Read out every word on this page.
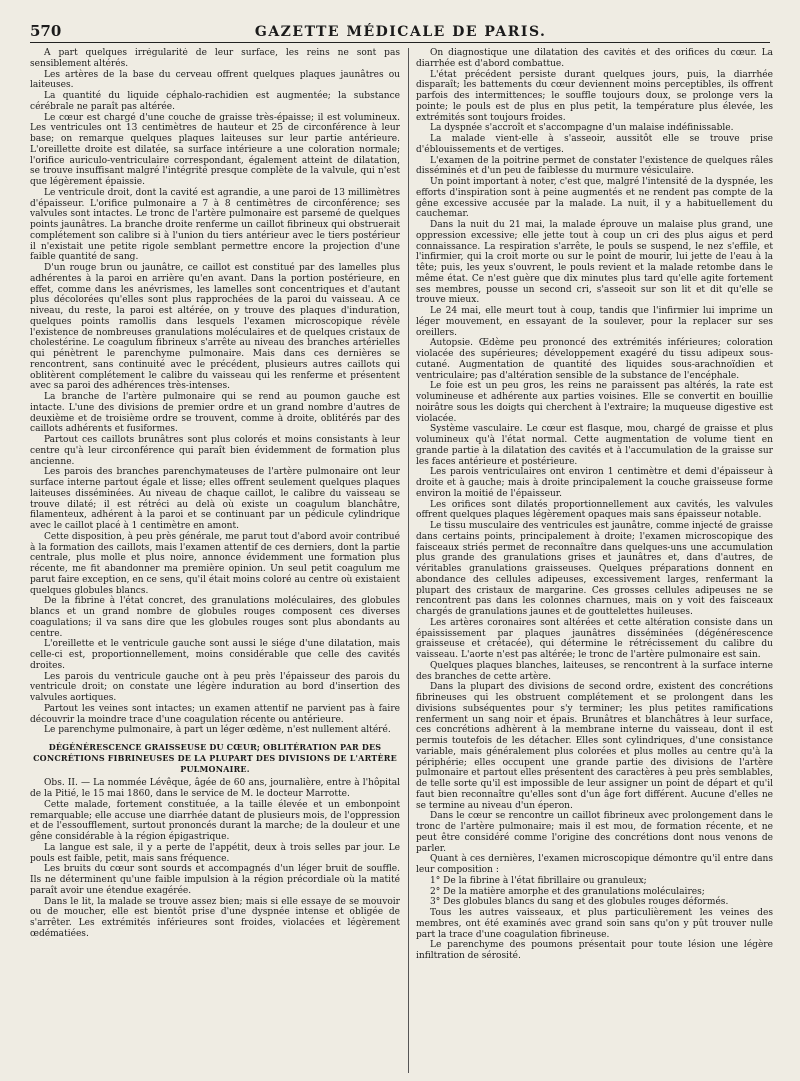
570	GAZETTE MÉDICALE DE PARIS.

A part quelques irrégularité de leur surface, les reins ne sont pas sensiblement altérés.

Les artères de la base du cerveau offrent quelques plaques jaunâtres ou laiteuses.

La quantité du liquide céphalo-rachidien est augmentée; la substance cérébrale ne paraît pas altérée.

Le cœur est chargé d'une couche de graisse très-épaisse; il est volumineux. Les ventricules ont 13 centimètres de hauteur et 25 de circonférence à leur base; on remarque quelques plaques laiteuses sur leur partie antérieure. L'oreillette droite est dilatée, sa surface intérieure a une coloration normale; l'orifice auriculo-ventriculaire correspondant, également atteint de dilatation, se trouve insuffisant malgré l'intégrité presque complète de la valvule, qui n'est que légèrement épaissie.

Le ventricule droit, dont la cavité est agrandie, a une paroi de 13 millimètres d'épaisseur. L'orifice pulmonaire a 7 à 8 centimètres de circonférence; ses valvules sont intactes. Le tronc de l'artère pulmonaire est parsemé de quelques points jaunâtres. La branche droite renferme un caillot fibrineux qui obstruerait complétement son calibre si à l'union du tiers antérieur avec le tiers postérieur il n'existait une petite rigole semblant permettre encore la projection d'une faible quantité de sang.

D'un rouge brun ou jaunâtre, ce caillot est constitué par des lamelles plus adhérentes à la paroi en arrière qu'en avant. Dans la portion postérieure, en effet, comme dans les anévrismes, les lamelles sont concentriques et d'autant plus décolorées qu'elles sont plus rapprochées de la paroi du vaisseau. A ce niveau, du reste, la paroi est altérée, on y trouve des plaques d'induration, quelques points ramollis dans lesquels l'examen microscopique révèle l'existence de nombreuses granulations moléculaires et de quelques cristaux de cholestérine. Le coagulum fibrineux s'arrête au niveau des branches artérielles qui pénètrent le parenchyme pulmonaire. Mais dans ces dernières se rencontrent, sans continuité avec le précédent, plusieurs autres caillots qui oblitèrent complétement le calibre du vaisseau qui les renferme et présentent avec sa paroi des adhérences très-intenses.

La branche de l'artère pulmonaire qui se rend au poumon gauche est intacte. L'une des divisions de premier ordre et un grand nombre d'autres de deuxième et de troisième ordre se trouvent, comme à droite, oblitérés par des caillots adhérents et fusiformes.

Partout ces caillots brunâtres sont plus colorés et moins consistants à leur centre qu'à leur circonférence qui paraît bien évidemment de formation plus ancienne.

Les parois des branches parenchymateuses de l'artère pulmonaire ont leur surface interne partout égale et lisse; elles offrent seulement quelques plaques laiteuses disséminées. Au niveau de chaque caillot, le calibre du vaisseau se trouve dilaté; il est rétréci au delà où existe un coagulum blanchâtre, filamenteux, adhérent à la paroi et se continuant par un pédicule cylindrique avec le caillot placé à 1 centimètre en amont.

Cette disposition, à peu près générale, me parut tout d'abord avoir contribué à la formation des caillots, mais l'examen attentif de ces derniers, dont la partie centrale, plus molle et plus noire, annonce évidemment une formation plus récente, me fit abandonner ma première opinion. Un seul petit coagulum me parut faire exception, en ce sens, qu'il était moins coloré au centre où existaient quelques globules blancs.

De la fibrine à l'état concret, des granulations moléculaires, des globules blancs et un grand nombre de globules rouges composent ces diverses coagulations; il va sans dire que les globules rouges sont plus abondants au centre.

L'oreillette et le ventricule gauche sont aussi le siége d'une dilatation, mais celle-ci est, proportionnellement, moins considérable que celle des cavités droites.

Les parois du ventricule gauche ont à peu près l'épaisseur des parois du ventricule droit; on constate une légère induration au bord d'insertion des valvules aortiques.

Partout les veines sont intactes; un examen attentif ne parvient pas à faire découvrir la moindre trace d'une coagulation récente ou antérieure.

Le parenchyme pulmonaire, à part un léger œdème, n'est nullement altéré.

DÉGÉNÉRESCENCE GRAISSEUSE DU CŒUR; OBLITÉRATION PAR DES CONCRÉTIONS FIBRINEUSES DE LA PLUPART DES DIVISIONS DE L'ARTÈRE PULMONAIRE.

Obs. II. — La nommée Lévêque, âgée de 60 ans, journalière, entre à l'hôpital de la Pitié, le 15 mai 1860, dans le service de M. le docteur Marrotte.

Cette malade, fortement constituée, a la taille élevée et un embonpoint remarquable; elle accuse une diarrhée datant de plusieurs mois, de l'oppression et de l'essoufflement, surtout prononcés durant la marche; de la douleur et une gêne considérable à la région épigastrique.

La langue est sale, il y a perte de l'appétit, deux à trois selles par jour. Le pouls est faible, petit, mais sans fréquence.

Les bruits du cœur sont sourds et accompagnés d'un léger bruit de souffle. Ils ne déterminent qu'une faible impulsion à la région précordiale où la matité paraît avoir une étendue exagérée.

Dans le lit, la malade se trouve assez bien; mais si elle essaye de se mouvoir ou de moucher, elle est bientôt prise d'une dyspnée intense et obligée de s'arrêter. Les extrémités inférieures sont froides, violacées et légèrement œdématiées.

On diagnostique une dilatation des cavités et des orifices du cœur. La diarrhée est d'abord combattue.

L'état précédent persiste durant quelques jours, puis, la diarrhée disparaît; les battements du cœur deviennent moins perceptibles, ils offrent parfois des intermittences; le souffle toujours doux, se prolonge vers la pointe; le pouls est de plus en plus petit, la température plus élevée, les extrémités sont toujours froides.

La dyspnée s'accroît et s'accompagne d'un malaise indéfinissable.

La malade vient-elle à s'asseoir, aussitôt elle se trouve prise d'éblouissements et de vertiges.

L'examen de la poitrine permet de constater l'existence de quelques râles disséminés et d'un peu de faiblesse du murmure vésiculaire.

Un point important à noter, c'est que, malgré l'intensité de la dyspnée, les efforts d'inspiration sont à peine augmentés et ne rendent pas compte de la gêne excessive accusée par la malade. La nuit, il y a habituellement du cauchemar.

Dans la nuit du 21 mai, la malade éprouve un malaise plus grand, une oppression excessive; elle jette tout à coup un cri des plus aigus et perd connaissance. La respiration s'arrête, le pouls se suspend, le nez s'effile, et l'infirmier, qui la croit morte ou sur le point de mourir, lui jette de l'eau à la tête; puis, les yeux s'ouvrent, le pouls revient et la malade retombe dans le même état. Ce n'est guère que dix minutes plus tard qu'elle agite fortement ses membres, pousse un second cri, s'asseoit sur son lit et dit qu'elle se trouve mieux.

Le 24 mai, elle meurt tout à coup, tandis que l'infirmier lui imprime un léger mouvement, en essayant de la soulever, pour la replacer sur ses oreillers.

Autopsie. Œdème peu prononcé des extrémités inférieures; coloration violacée des supérieures; développement exagéré du tissu adipeux sous-cutané. Augmentation de quantité des liquides sous-arachnoïdien et ventriculaire; pas d'altération sensible de la substance de l'encéphale.

Le foie est un peu gros, les reins ne paraissent pas altérés, la rate est volumineuse et adhérente aux parties voisines. Elle se convertit en bouillie noirâtre sous les doigts qui cherchent à l'extraire; la muqueuse digestive est violacée.

Système vasculaire. Le cœur est flasque, mou, chargé de graisse et plus volumineux qu'à l'état normal. Cette augmentation de volume tient en grande partie à la dilatation des cavités et à l'accumulation de la graisse sur les faces antérieure et postérieure.

Les parois ventriculaires ont environ 1 centimètre et demi d'épaisseur à droite et à gauche; mais à droite principalement la couche graisseuse forme environ la moitié de l'épaisseur.

Les orifices sont dilatés proportionnellement aux cavités, les valvules offrent quelques plaques légèrement opaques mais sans épaisseur notable.

Le tissu musculaire des ventricules est jaunâtre, comme injecté de graisse dans certains points, principalement à droite; l'examen microscopique des faisceaux striés permet de reconnaître dans quelques-uns une accumulation plus grande des granulations grises et jaunâtres et, dans d'autres, de véritables granulations graisseuses. Quelques préparations donnent en abondance des cellules adipeuses, excessivement larges, renfermant la plupart des cristaux de margarine. Ces grosses cellules adipeuses ne se rencontrent pas dans les colonnes charnues, mais on y voit des faisceaux chargés de granulations jaunes et de gouttelettes huileuses.

Les artères coronaires sont altérées et cette altération consiste dans un épaississement par plaques jaunâtres disséminées (dégénérescence graisseuse et crétacée), qui détermine le rétrécissement du calibre du vaisseau. L'aorte n'est pas altérée; le tronc de l'artère pulmonaire est sain.

Quelques plaques blanches, laiteuses, se rencontrent à la surface interne des branches de cette artère.

Dans la plupart des divisions de second ordre, existent des concrétions fibrineuses qui les obstruent complétement et se prolongent dans les divisions subséquentes pour s'y terminer; les plus petites ramifications renferment un sang noir et épais. Brunâtres et blanchâtres à leur surface, ces concrétions adhèrent à la membrane interne du vaisseau, dont il est permis toutefois de les détacher. Elles sont cylindriques, d'une consistance variable, mais généralement plus colorées et plus molles au centre qu'à la périphérie; elles occupent une grande partie des divisions de l'artère pulmonaire et partout elles présentent des caractères à peu près semblables, de telle sorte qu'il est impossible de leur assigner un point de départ et qu'il faut bien reconnaître qu'elles sont d'un âge fort différent. Aucune d'elles ne se termine au niveau d'un éperon.

Dans le cœur se rencontre un caillot fibrineux avec prolongement dans le tronc de l'artère pulmonaire; mais il est mou, de formation récente, et ne peut être considéré comme l'origine des concrétions dont nous venons de parler.

Quant à ces dernières, l'examen microscopique démontre qu'il entre dans leur composition :

1° De la fibrine à l'état fibrillaire ou granuleux;

2° De la matière amorphe et des granulations moléculaires;

3° Des globules blancs du sang et des globules rouges déformés.

Tous les autres vaisseaux, et plus particulièrement les veines des membres, ont été examinés avec grand soin sans qu'on y pût trouver nulle part la trace d'une coagulation fibrineuse.

Le parenchyme des poumons présentait pour toute lésion une légère infiltration de sérosité.
